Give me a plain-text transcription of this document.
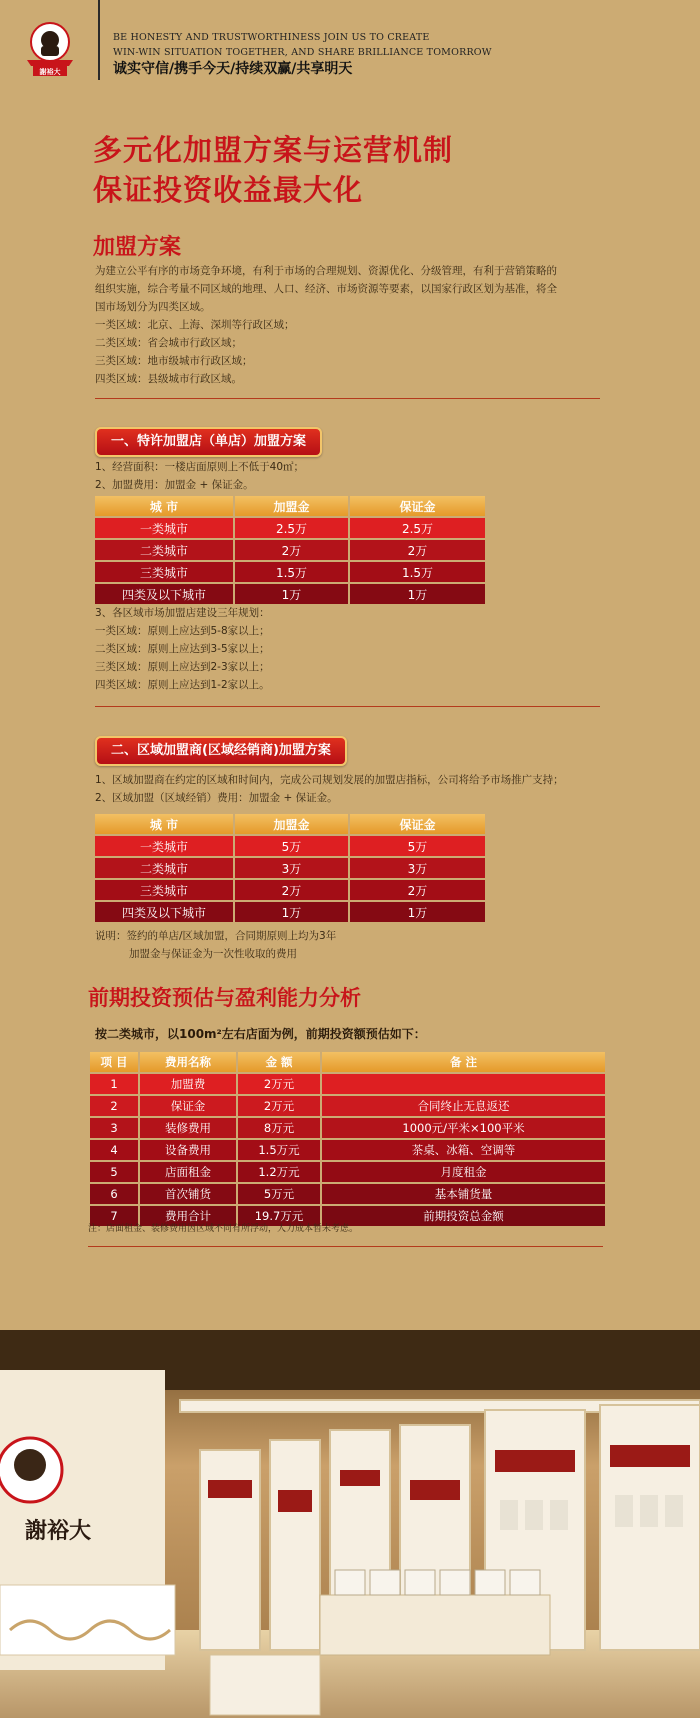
謝裕大
BE HONESTY AND TRUSTWORTHINESS JOIN US TO CREATE
WIN-WIN SITUATION TOGETHER, AND SHARE BRILLIANCE TOMORROW
诚实守信/携手今天/持续双赢/共享明天
多元化加盟方案与运营机制
保证投资收益最大化
加盟方案

为建立公平有序的市场竞争环境，有利于市场的合理规划、资源优化、分级管理，有利于营销策略的

组织实施，综合考量不同区域的地理、人口、经济、市场资源等要素，以国家行政区划为基准，将全

国市场划分为四类区域。

一类区域：北京、上海、深圳等行政区域；

二类区域：省会城市行政区域；

三类区域：地市级城市行政区域；

四类区域：县级城市行政区域。

一、特许加盟店（单店）加盟方案

1、经营面积：一楼店面原则上不低于40㎡；

2、加盟费用：加盟金 + 保证金。

城 市	加盟金	保证金
一类城市	2.5万	2.5万
二类城市	2万	2万
三类城市	1.5万	1.5万
四类及以下城市	1万	1万

3、各区域市场加盟店建设三年规划：

一类区域：原则上应达到5-8家以上；

二类区域：原则上应达到3-5家以上；

三类区域：原则上应达到2-3家以上；

四类区域：原则上应达到1-2家以上。

二、区域加盟商(区域经销商)加盟方案

1、区域加盟商在约定的区域和时间内，完成公司规划发展的加盟店指标，公司将给予市场推广支持；

2、区域加盟（区域经销）费用：加盟金 + 保证金。

城 市	加盟金	保证金
一类城市	5万	5万
二类城市	3万	3万
三类城市	2万	2万
四类及以下城市	1万	1万

说明：签约的单店/区域加盟，合同期原则上均为3年

加盟金与保证金为一次性收取的费用

前期投资预估与盈利能力分析
按二类城市，以100m²左右店面为例，前期投资额预估如下：
项 目	费用名称	金 额	备 注
1	加盟费	2万元	
2	保证金	2万元	合同终止无息返还
3	装修费用	8万元	1000元/平米×100平米
4	设备费用	1.5万元	茶桌、冰箱、空调等
5	店面租金	1.2万元	月度租金
6	首次铺货	5万元	基本铺货量
7	费用合计	19.7万元	前期投资总金额
注：店面租金、装修费用因区域不同有所浮动，人力成本暂未考虑。
謝裕大
